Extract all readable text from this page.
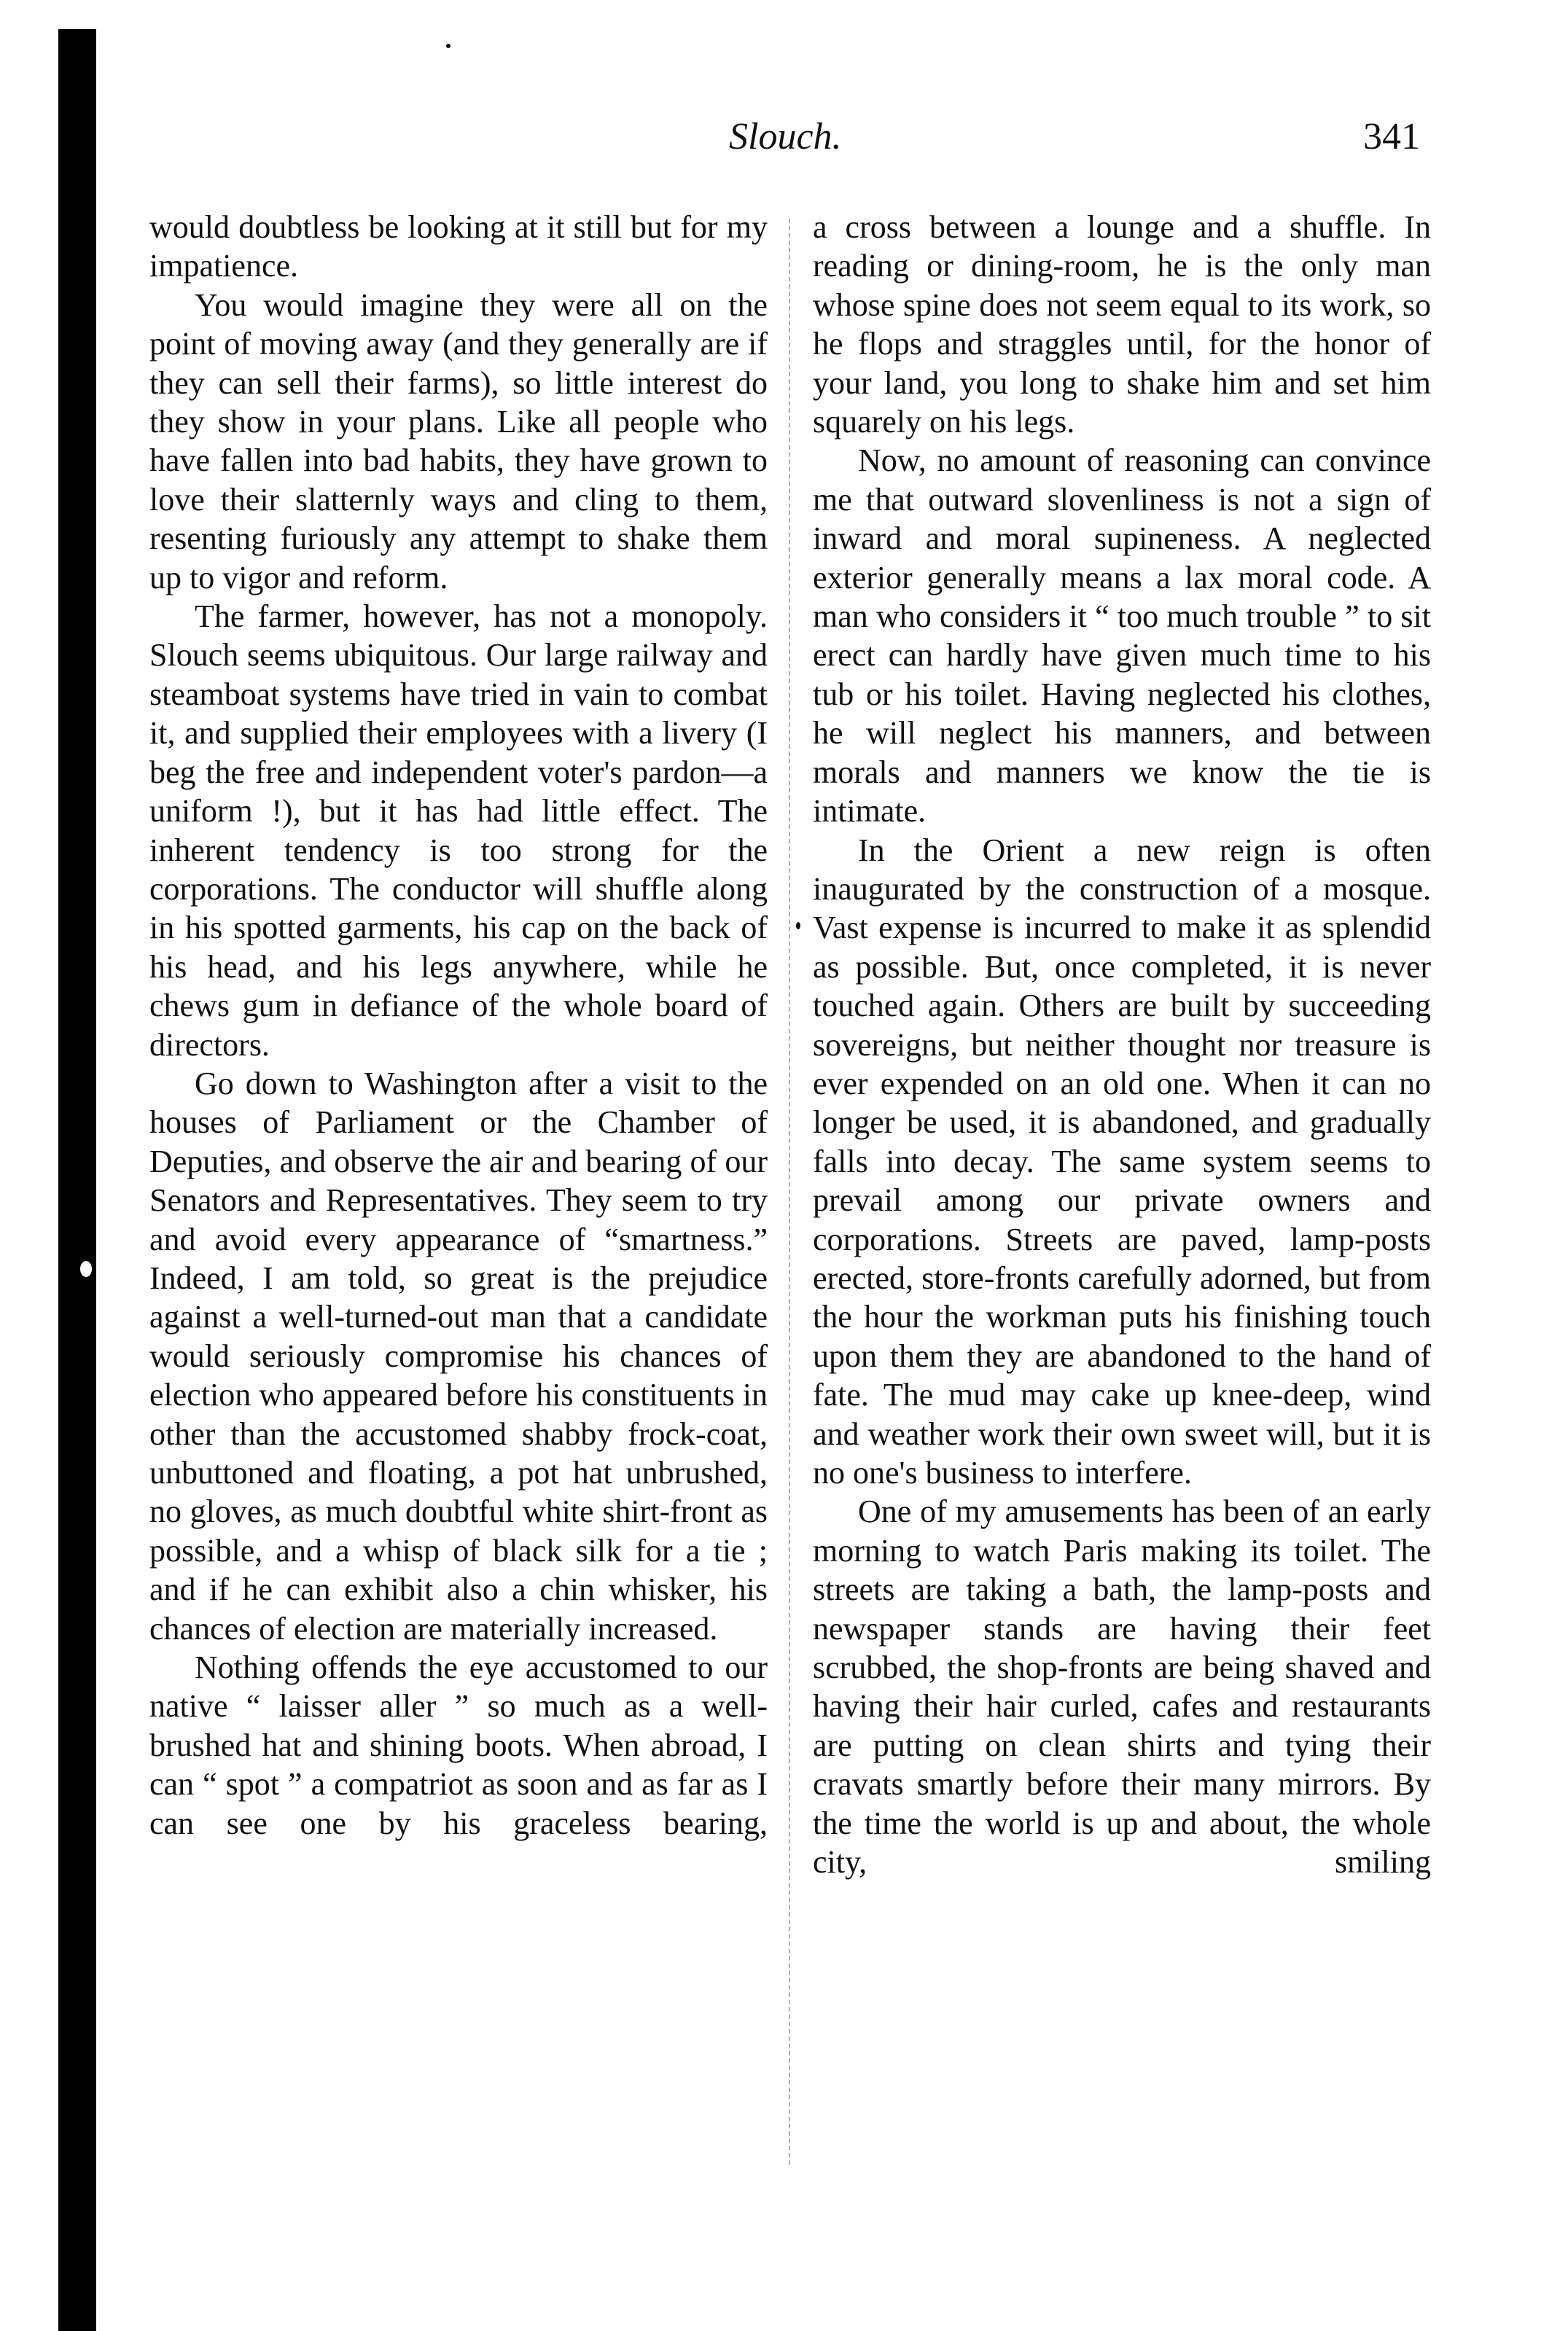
Slouch.	341

would doubtless be looking at it still but for my impatience.

You would imagine they were all on the point of moving away (and they generally are if they can sell their farms), so little interest do they show in your plans. Like all people who have fallen into bad habits, they have grown to love their slatternly ways and cling to them, resenting furiously any attempt to shake them up to vigor and reform.

The farmer, however, has not a monopoly. Slouch seems ubiquitous. Our large railway and steamboat systems have tried in vain to combat it, and supplied their employees with a livery (I beg the free and independent voter's pardon—a uniform !), but it has had little effect. The inherent tendency is too strong for the corporations. The conductor will shuffle along in his spotted garments, his cap on the back of his head, and his legs anywhere, while he chews gum in defiance of the whole board of directors.

Go down to Washington after a visit to the houses of Parliament or the Chamber of Deputies, and observe the air and bearing of our Senators and Representatives. They seem to try and avoid every appearance of “smartness.” Indeed, I am told, so great is the prejudice against a well-turned-out man that a candidate would seriously compromise his chances of election who appeared before his constituents in other than the accustomed shabby frock-coat, unbuttoned and floating, a pot hat unbrushed, no gloves, as much doubtful white shirt-front as possible, and a whisp of black silk for a tie ; and if he can exhibit also a chin whisker, his chances of election are materially increased.

Nothing offends the eye accustomed to our native “ laisser aller ” so much as a well-brushed hat and shining boots. When abroad, I can “ spot ” a compatriot as soon and as far as I can see one by his graceless bearing,

a cross between a lounge and a shuffle. In reading or dining-room, he is the only man whose spine does not seem equal to its work, so he flops and straggles until, for the honor of your land, you long to shake him and set him squarely on his legs.

Now, no amount of reasoning can convince me that outward slovenliness is not a sign of inward and moral supineness. A neglected exterior generally means a lax moral code. A man who considers it “ too much trouble ” to sit erect can hardly have given much time to his tub or his toilet. Having neglected his clothes, he will neglect his manners, and between morals and manners we know the tie is intimate.

In the Orient a new reign is often inaugurated by the construction of a mosque. Vast expense is incurred to make it as splendid as possible. But, once completed, it is never touched again. Others are built by succeeding sovereigns, but neither thought nor treasure is ever expended on an old one. When it can no longer be used, it is abandoned, and gradually falls into decay. The same system seems to prevail among our private owners and corporations. Streets are paved, lamp-posts erected, store-fronts carefully adorned, but from the hour the workman puts his finishing touch upon them they are abandoned to the hand of fate. The mud may cake up knee-deep, wind and weather work their own sweet will, but it is no one's business to interfere.

One of my amusements has been of an early morning to watch Paris making its toilet. The streets are taking a bath, the lamp-posts and newspaper stands are having their feet scrubbed, the shop-fronts are being shaved and having their hair curled, cafes and restaurants are putting on clean shirts and tying their cravats smartly before their many mirrors. By the time the world is up and about, the whole city, smiling
